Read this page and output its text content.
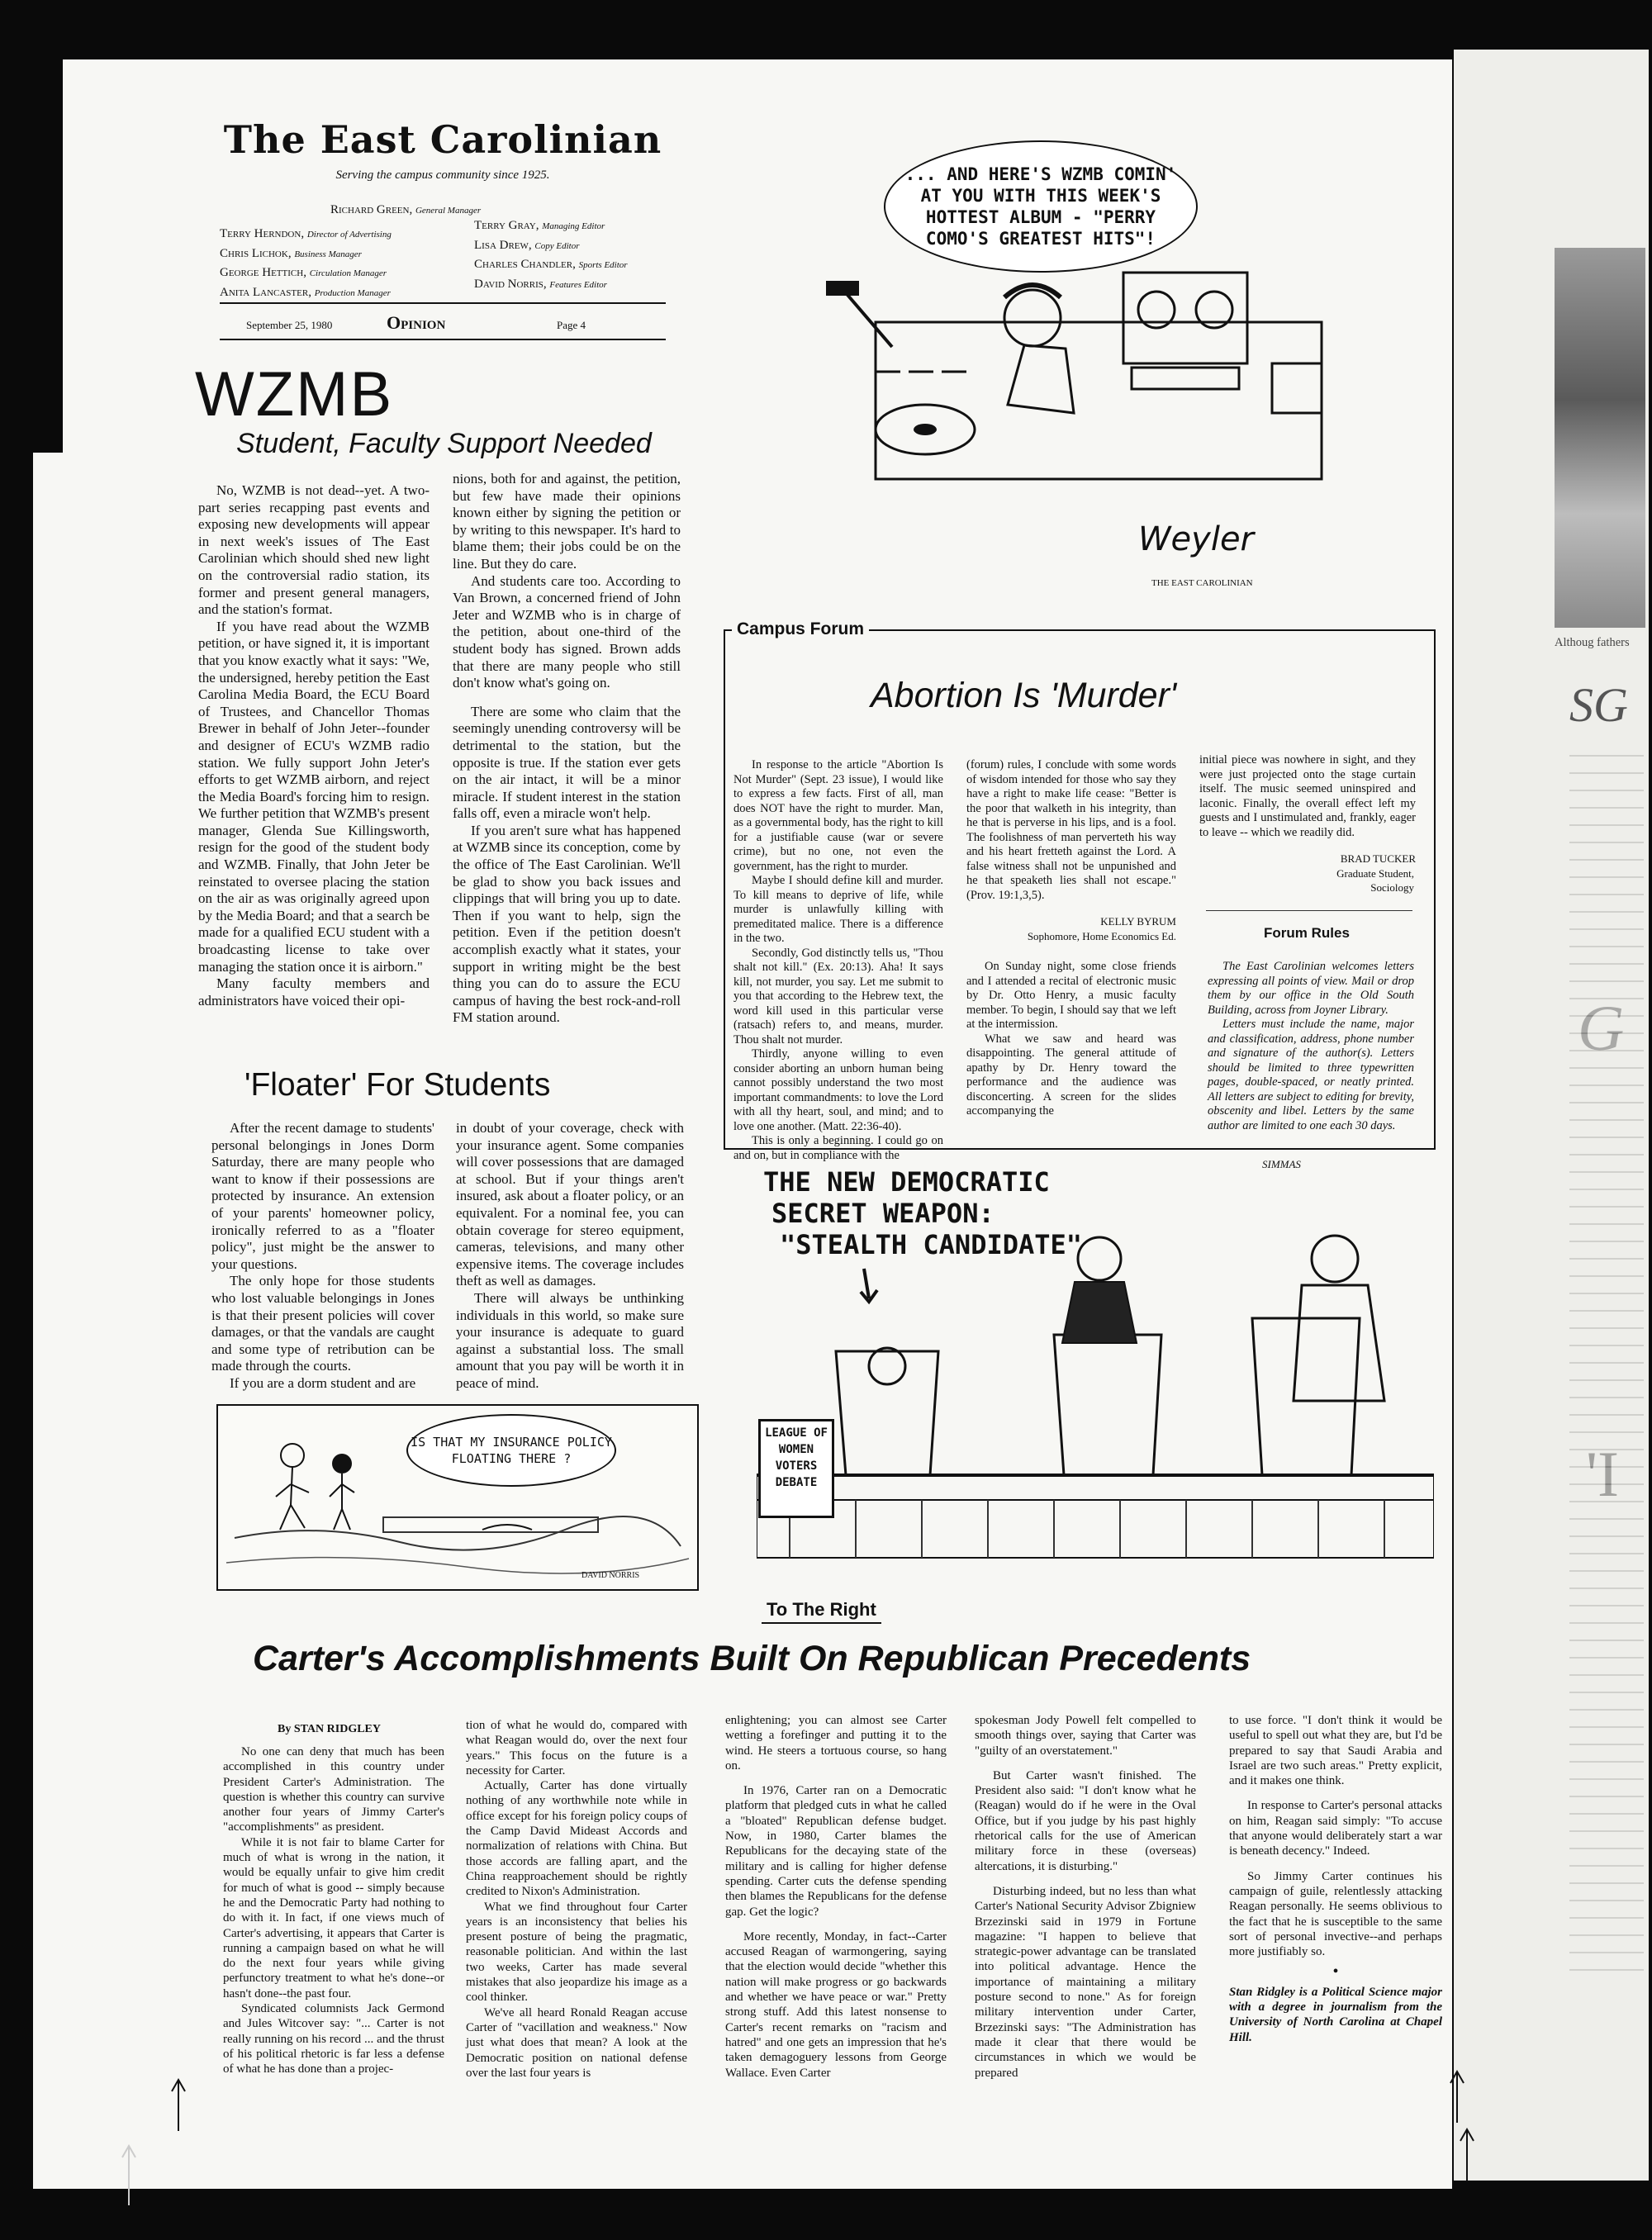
Althoug fathers
SG
The East Carolinian
Serving the campus community since 1925.
Richard Green, General Manager
Terry Herndon, Director of Advertising
Chris Lichok, Business Manager
George Hettich, Circulation Manager
Anita Lancaster, Production Manager
Terry Gray, Managing Editor
Lisa Drew, Copy Editor
Charles Chandler, Sports Editor
David Norris, Features Editor
September 25, 1980	Opinion	Page 4
WZMB
Student, Faculty Support Needed

No, WZMB is not dead--yet. A two-part series recapping past events and exposing new developments will appear in next week's issues of The East Carolinian which should shed new light on the controversial radio station, its former and present general managers, and the station's format.

If you have read about the WZMB petition, or have signed it, it is important that you know exactly what it says: "We, the undersigned, hereby petition the East Carolina Media Board, the ECU Board of Trustees, and Chancellor Thomas Brewer in behalf of John Jeter--founder and designer of ECU's WZMB radio station. We fully support John Jeter's efforts to get WZMB airborn, and reject the Media Board's forcing him to resign. We further petition that WZMB's present manager, Glenda Sue Killingsworth, resign for the good of the student body and WZMB. Finally, that John Jeter be reinstated to oversee placing the station on the air as was originally agreed upon by the Media Board; and that a search be made for a qualified ECU student with a broadcasting license to take over managing the station once it is airborn."

Many faculty members and administrators have voiced their opi-

nions, both for and against, the petition, but few have made their opinions known either by signing the petition or by writing to this newspaper. It's hard to blame them; their jobs could be on the line. But they do care.

And students care too. According to Van Brown, a concerned friend of John Jeter and WZMB who is in charge of the petition, about one-third of the student body has signed. Brown adds that there are many people who still don't know what's going on.

There are some who claim that the seemingly unending controversy will be detrimental to the station, but the opposite is true. If the station ever gets on the air intact, it will be a minor miracle. If student interest in the station falls off, even a miracle won't help.

If you aren't sure what has happened at WZMB since its conception, come by the office of The East Carolinian. We'll be glad to show you back issues and clippings that will bring you up to date. Then if you want to help, sign the petition. Even if the petition doesn't accomplish exactly what it states, your support in writing might be the best thing you can do to assure the ECU campus of having the best rock-and-roll FM station around.

'Floater' For Students

After the recent damage to students' personal belongings in Jones Dorm Saturday, there are many people who want to know if their possessions are protected by insurance. An extension of your parents' homeowner policy, ironically referred to as a "floater policy", just might be the answer to your questions.

The only hope for those students who lost valuable belongings in Jones is that their present policies will cover damages, or that the vandals are caught and some type of retribution can be made through the courts.

If you are a dorm student and are

in doubt of your coverage, check with your insurance agent. Some companies will cover possessions that are damaged at school. But if your things aren't insured, ask about a floater policy, or an equivalent. For a nominal fee, you can obtain coverage for stereo equipment, cameras, televisions, and many other expensive items. The coverage includes theft as well as damages.

There will always be unthinking individuals in this world, so make sure your insurance is adequate to guard against a substantial loss. The small amount that you pay will be worth it in peace of mind.

IS THAT MY INSURANCE POLICY FLOATING THERE ?
DAVID NORRIS
... AND HERE'S WZMB COMIN' AT YOU WITH THIS WEEK'S HOTTEST ALBUM - "PERRY COMO'S GREATEST HITS"!
Weyler
THE EAST CAROLINIAN
Campus Forum
Abortion Is 'Murder'

In response to the article "Abortion Is Not Murder" (Sept. 23 issue), I would like to express a few facts. First of all, man does NOT have the right to murder. Man, as a governmental body, has the right to kill for a justifiable cause (war or severe crime), but no one, not even the government, has the right to murder.

Maybe I should define kill and murder. To kill means to deprive of life, while murder is unlawfully killing with premeditated malice. There is a difference in the two.

Secondly, God distinctly tells us, "Thou shalt not kill." (Ex. 20:13). Aha! It says kill, not murder, you say. Let me submit to you that according to the Hebrew text, the word kill used in this particular verse (ratsach) refers to, and means, murder. Thou shalt not murder.

Thirdly, anyone willing to even consider aborting an unborn human being cannot possibly understand the two most important commandments: to love the Lord with all thy heart, soul, and mind; and to love one another. (Matt. 22:36-40).

This is only a beginning. I could go on and on, but in compliance with the

(forum) rules, I conclude with some words of wisdom intended for those who say they have a right to make life cease: "Better is the poor that walketh in his integrity, than he that is perverse in his lips, and is a fool. The foolishness of man perverteth his way and his heart fretteth against the Lord. A false witness shall not be unpunished and he that speaketh lies shall not escape." (Prov. 19:1,3,5).

KELLY BYRUM
Sophomore, Home Economics Ed.

On Sunday night, some close friends and I attended a recital of electronic music by Dr. Otto Henry, a music faculty member. To begin, I should say that we left at the intermission.

What we saw and heard was disappointing. The general attitude of apathy by Dr. Henry toward the performance and the audience was disconcerting. A screen for the slides accompanying the

initial piece was nowhere in sight, and they were just projected onto the stage curtain itself. The music seemed uninspired and laconic. Finally, the overall effect left my guests and I unstimulated and, frankly, eager to leave -- which we readily did.

BRAD TUCKER
Graduate Student, Sociology
Forum Rules

The East Carolinian welcomes letters expressing all points of view. Mail or drop them by our office in the Old South Building, across from Joyner Library.

Letters must include the name, major and classification, address, phone number and signature of the author(s). Letters should be limited to three typewritten pages, double-spaced, or neatly printed. All letters are subject to editing for brevity, obscenity and libel. Letters by the same author are limited to one each 30 days.

SIMMAS
THE NEW DEMOCRATIC
SECRET WEAPON:
"STEALTH CANDIDATE"
LEAGUE OF WOMEN VOTERS DEBATE
To The Right
Carter's Accomplishments Built On Republican Precedents
By STAN RIDGLEY

No one can deny that much has been accomplished in this country under President Carter's Administration. The question is whether this country can survive another four years of Jimmy Carter's "accomplishments" as president.

While it is not fair to blame Carter for much of what is wrong in the nation, it would be equally unfair to give him credit for much of what is good -- simply because he and the Democratic Party had nothing to do with it. In fact, if one views much of Carter's advertising, it appears that Carter is running a campaign based on what he will do the next four years while giving perfunctory treatment to what he's done--or hasn't done--the past four.

Syndicated columnists Jack Germond and Jules Witcover say: "... Carter is not really running on his record ... and the thrust of his political rhetoric is far less a defense of what he has done than a projec-

tion of what he would do, compared with what Reagan would do, over the next four years." This focus on the future is a necessity for Carter.

Actually, Carter has done virtually nothing of any worthwhile note while in office except for his foreign policy coups of the Camp David Mideast Accords and normalization of relations with China. But those accords are falling apart, and the China reapproachement should be rightly credited to Nixon's Administration.

What we find throughout four Carter years is an inconsistency that belies his present posture of being the pragmatic, reasonable politician. And within the last two weeks, Carter has made several mistakes that also jeopardize his image as a cool thinker.

We've all heard Ronald Reagan accuse Carter of "vacillation and weakness." Now just what does that mean? A look at the Democratic position on national defense over the last four years is

enlightening; you can almost see Carter wetting a forefinger and putting it to the wind. He steers a tortuous course, so hang on.

In 1976, Carter ran on a Democratic platform that pledged cuts in what he called a "bloated" Republican defense budget. Now, in 1980, Carter blames the Republicans for the decaying state of the military and is calling for higher defense spending. Carter cuts the defense spending then blames the Republicans for the defense gap. Get the logic?

More recently, Monday, in fact--Carter accused Reagan of warmongering, saying that the election would decide "whether this nation will make progress or go backwards and whether we have peace or war." Pretty strong stuff. Add this latest nonsense to Carter's recent remarks on "racism and hatred" and one gets an impression that he's taken demagoguery lessons from George Wallace. Even Carter

spokesman Jody Powell felt compelled to smooth things over, saying that Carter was "guilty of an overstatement."

But Carter wasn't finished. The President also said: "I don't know what he (Reagan) would do if he were in the Oval Office, but if you judge by his past highly rhetorical calls for the use of American military force in these (overseas) altercations, it is disturbing."

Disturbing indeed, but no less than what Carter's National Security Advisor Zbigniew Brzezinski said in 1979 in Fortune magazine: "I happen to believe that strategic-power advantage can be translated into political advantage. Hence the importance of maintaining a military posture second to none." As for foreign military intervention under Carter, Brzezinski says: "The Administration has made it clear that there would be circumstances in which we would be prepared

to use force. "I don't think it would be useful to spell out what they are, but I'd be prepared to say that Saudi Arabia and Israel are two such areas." Pretty explicit, and it makes one think.

In response to Carter's personal attacks on him, Reagan said simply: "To accuse that anyone would deliberately start a war is beneath decency." Indeed.

So Jimmy Carter continues his campaign of guile, relentlessly attacking Reagan personally. He seems oblivious to the fact that he is susceptible to the same sort of personal invective--and perhaps more justifiably so.

•

Stan Ridgley is a Political Science major with a degree in journalism from the University of North Carolina at Chapel Hill.
